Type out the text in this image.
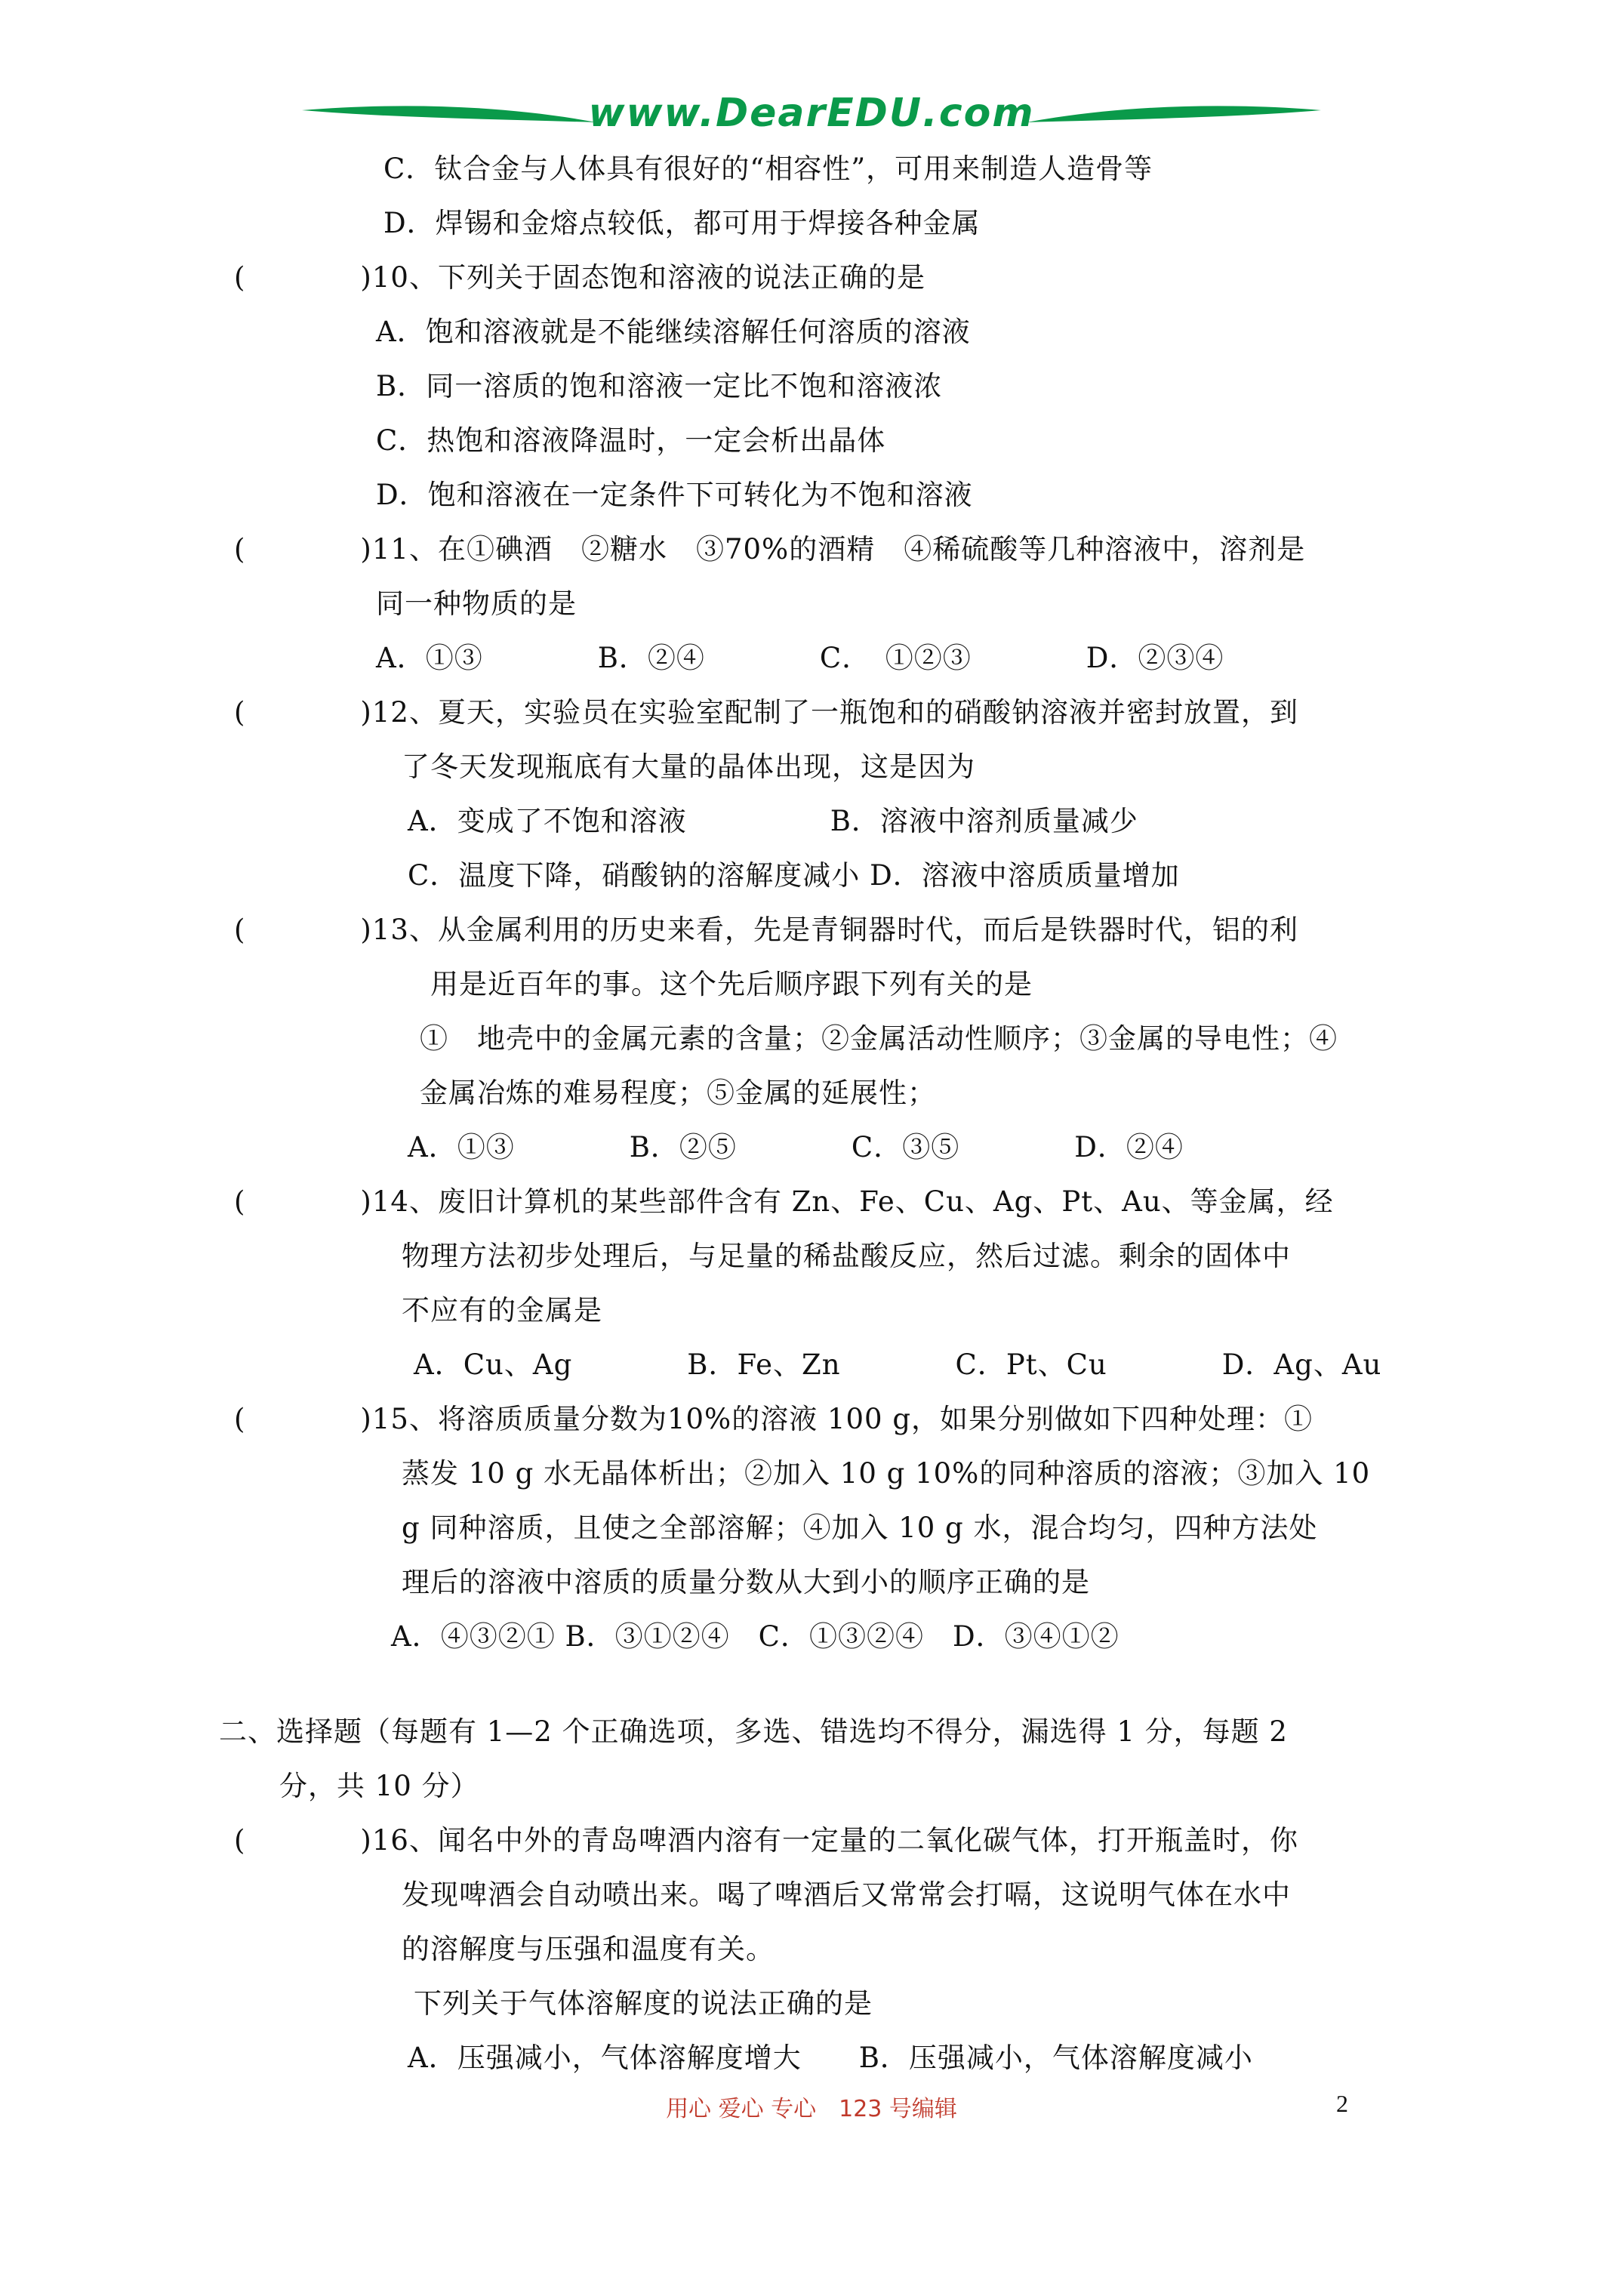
www.DearEDU.com
C．钛合金与人体具有很好的“相容性”，可用来制造人造骨等
D．焊锡和金熔点较低，都可用于焊接各种金属
(　　　　)10、下列关于固态饱和溶液的说法正确的是
A．饱和溶液就是不能继续溶解任何溶质的溶液
B．同一溶质的饱和溶液一定比不饱和溶液浓
C．热饱和溶液降温时，一定会析出晶体
D．饱和溶液在一定条件下可转化为不饱和溶液
(　　　　)11、在①碘酒　②糖水　③70%的酒精　④稀硫酸等几种溶液中，溶剂是
同一种物质的是
A．①③　　　　B．②④　　　　C．　①②③　　　　D．②③④
(　　　　)12、夏天，实验员在实验室配制了一瓶饱和的硝酸钠溶液并密封放置，到
了冬天发现瓶底有大量的晶体出现，这是因为
A．变成了不饱和溶液　　　　　B．溶液中溶剂质量减少
C．温度下降，硝酸钠的溶解度减小 D．溶液中溶质质量增加
(　　　　)13、从金属利用的历史来看，先是青铜器时代，而后是铁器时代，铝的利
用是近百年的事。这个先后顺序跟下列有关的是
①　地壳中的金属元素的含量；②金属活动性顺序；③金属的导电性；④
金属冶炼的难易程度；⑤金属的延展性；
A．①③　　　　B．②⑤　　　　C．③⑤　　　　D．②④
(　　　　)14、废旧计算机的某些部件含有 Zn、Fe、Cu、Ag、Pt、Au、等金属，经
物理方法初步处理后，与足量的稀盐酸反应，然后过滤。剩余的固体中
不应有的金属是
A．Cu、Ag　　　　B．Fe、Zn　　　　C．Pt、Cu　　　　D．Ag、Au
(　　　　)15、将溶质质量分数为10%的溶液 100 g，如果分别做如下四种处理：①
蒸发 10 g 水无晶体析出；②加入 10 g 10%的同种溶质的溶液；③加入 10
g 同种溶质，且使之全部溶解；④加入 10 g 水，混合均匀，四种方法处
理后的溶液中溶质的质量分数从大到小的顺序正确的是
A．④③②① B．③①②④　C．①③②④　D．③④①②
二、选择题（每题有 1—2 个正确选项，多选、错选均不得分，漏选得 1 分，每题 2
分，共 10 分）
(　　　　)16、闻名中外的青岛啤酒内溶有一定量的二氧化碳气体，打开瓶盖时，你
发现啤酒会自动喷出来。喝了啤酒后又常常会打嗝，这说明气体在水中
的溶解度与压强和温度有关。
下列关于气体溶解度的说法正确的是
A．压强减小，气体溶解度增大　　B．压强减小，气体溶解度减小
用心 爱心 专心　123 号编辑	2
